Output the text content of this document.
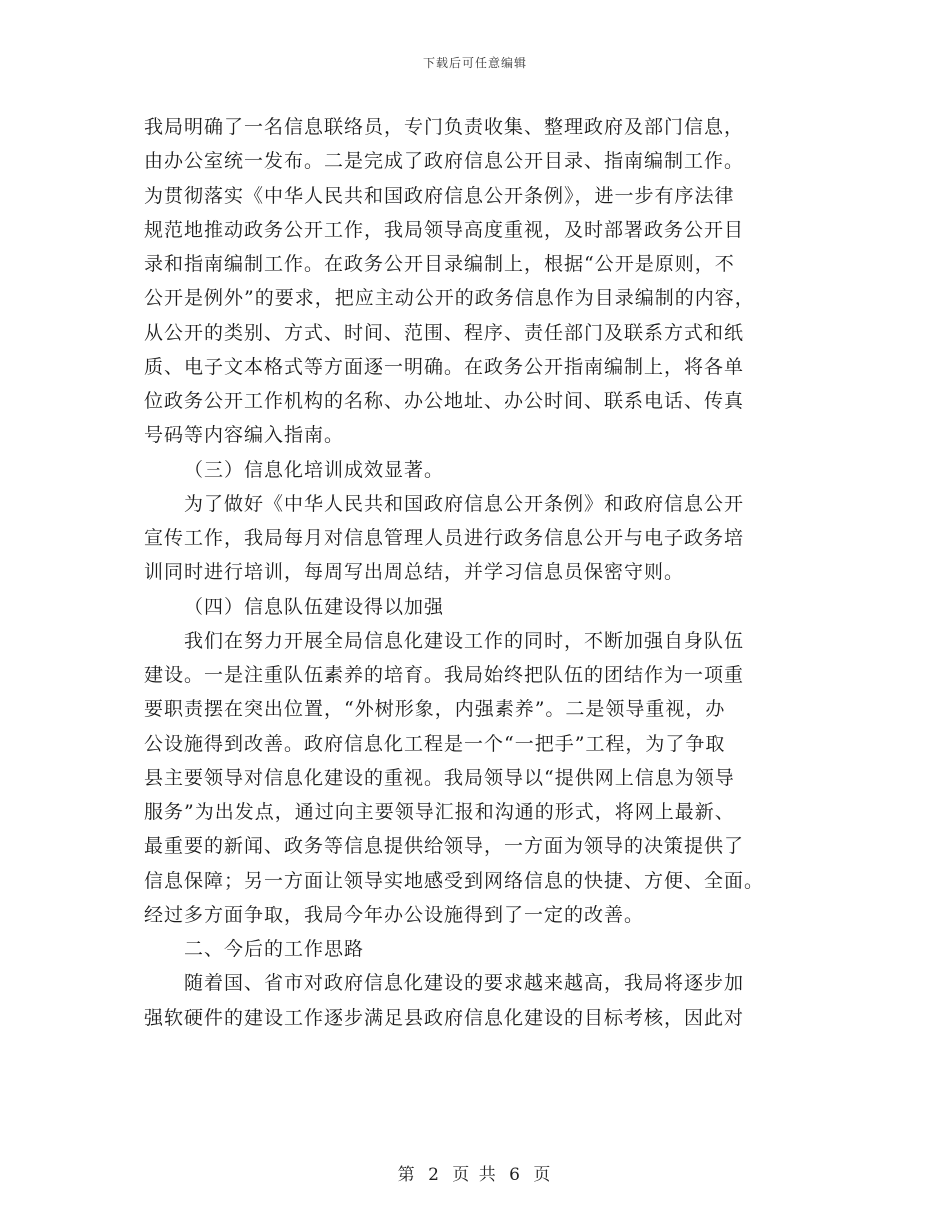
下载后可任意编辑
我局明确了一名信息联络员，专门负责收集、整理政府及部门信息，
由办公室统一发布。二是完成了政府信息公开目录、指南编制工作。
为贯彻落实《中华人民共和国政府信息公开条例》，进一步有序法律
规范地推动政务公开工作，我局领导高度重视，及时部署政务公开目
录和指南编制工作。在政务公开目录编制上，根据“公开是原则，不
公开是例外”的要求，把应主动公开的政务信息作为目录编制的内容，
从公开的类别、方式、时间、范围、程序、责任部门及联系方式和纸
质、电子文本格式等方面逐一明确。在政务公开指南编制上，将各单
位政务公开工作机构的名称、办公地址、办公时间、联系电话、传真
号码等内容编入指南。
（三）信息化培训成效显著。
为了做好《中华人民共和国政府信息公开条例》和政府信息公开
宣传工作，我局每月对信息管理人员进行政务信息公开与电子政务培
训同时进行培训，每周写出周总结，并学习信息员保密守则。
（四）信息队伍建设得以加强
我们在努力开展全局信息化建设工作的同时，不断加强自身队伍
建设。一是注重队伍素养的培育。我局始终把队伍的团结作为一项重
要职责摆在突出位置，“外树形象，内强素养”。二是领导重视，办
公设施得到改善。政府信息化工程是一个“一把手”工程，为了争取
县主要领导对信息化建设的重视。我局领导以“提供网上信息为领导
服务”为出发点，通过向主要领导汇报和沟通的形式，将网上最新、
最重要的新闻、政务等信息提供给领导，一方面为领导的决策提供了
信息保障；另一方面让领导实地感受到网络信息的快捷、方便、全面。
经过多方面争取，我局今年办公设施得到了一定的改善。
二、今后的工作思路
随着国、省市对政府信息化建设的要求越来越高，我局将逐步加
强软硬件的建设工作逐步满足县政府信息化建设的目标考核，因此对
第 2 页 共 6 页
